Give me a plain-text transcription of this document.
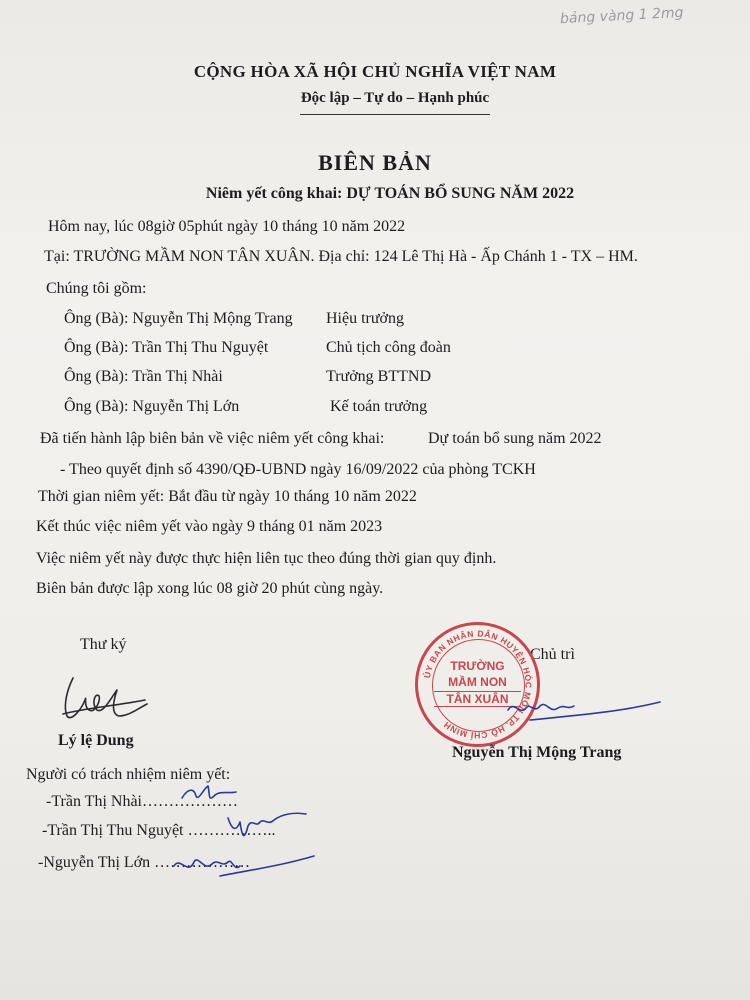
bảng vàng 1 2mg
CỘNG HÒA XÃ HỘI CHỦ NGHĨA VIỆT NAM
Độc lập – Tự do – Hạnh phúc
BIÊN BẢN
Niêm yết công khai: DỰ TOÁN BỔ SUNG NĂM 2022
Hôm nay, lúc 08giờ 05phút ngày 10 tháng 10 năm 2022
Tại: TRƯỜNG MẦM NON TÂN XUÂN. Địa chỉ: 124 Lê Thị Hà - Ấp Chánh 1 - TX – HM.
Chúng tôi gồm:
Ông (Bà): Nguyễn Thị Mộng Trang Hiệu trưởng
Ông (Bà): Trần Thị Thu Nguyệt	Chủ tịch công đoàn
Ông (Bà): Trần Thị Nhài	Trưởng BTTND
Ông (Bà): Nguyễn Thị Lớn	Kế toán trưởng
Đã tiến hành lập biên bản về việc niêm yết công khai:	Dự toán bổ sung năm 2022
- Theo quyết định số 4390/QĐ-UBND ngày 16/09/2022 của phòng TCKH
Thời gian niêm yết: Bắt đầu từ ngày 10 tháng 10 năm 2022
Kết thúc việc niêm yết vào ngày 9 tháng 01 năm 2023
Việc niêm yết này được thực hiện liên tục theo đúng thời gian quy định.
Biên bản được lập xong lúc 08 giờ 20 phút cùng ngày.
Thư ký
Lý lệ Dung
Chủ trì
ỦY BAN NHÂN DÂN HUYỆN HÓC MÔN TP. HỒ CHÍ MINH
TRƯỜNG
MẦM NON
TÂN XUÂN
Nguyễn Thị Mộng Trang
Người có trách nhiệm niêm yết:
-Trần Thị Nhài………………
-Trần Thị Thu Nguyệt ……………..
-Nguyễn Thị Lớn ………………
